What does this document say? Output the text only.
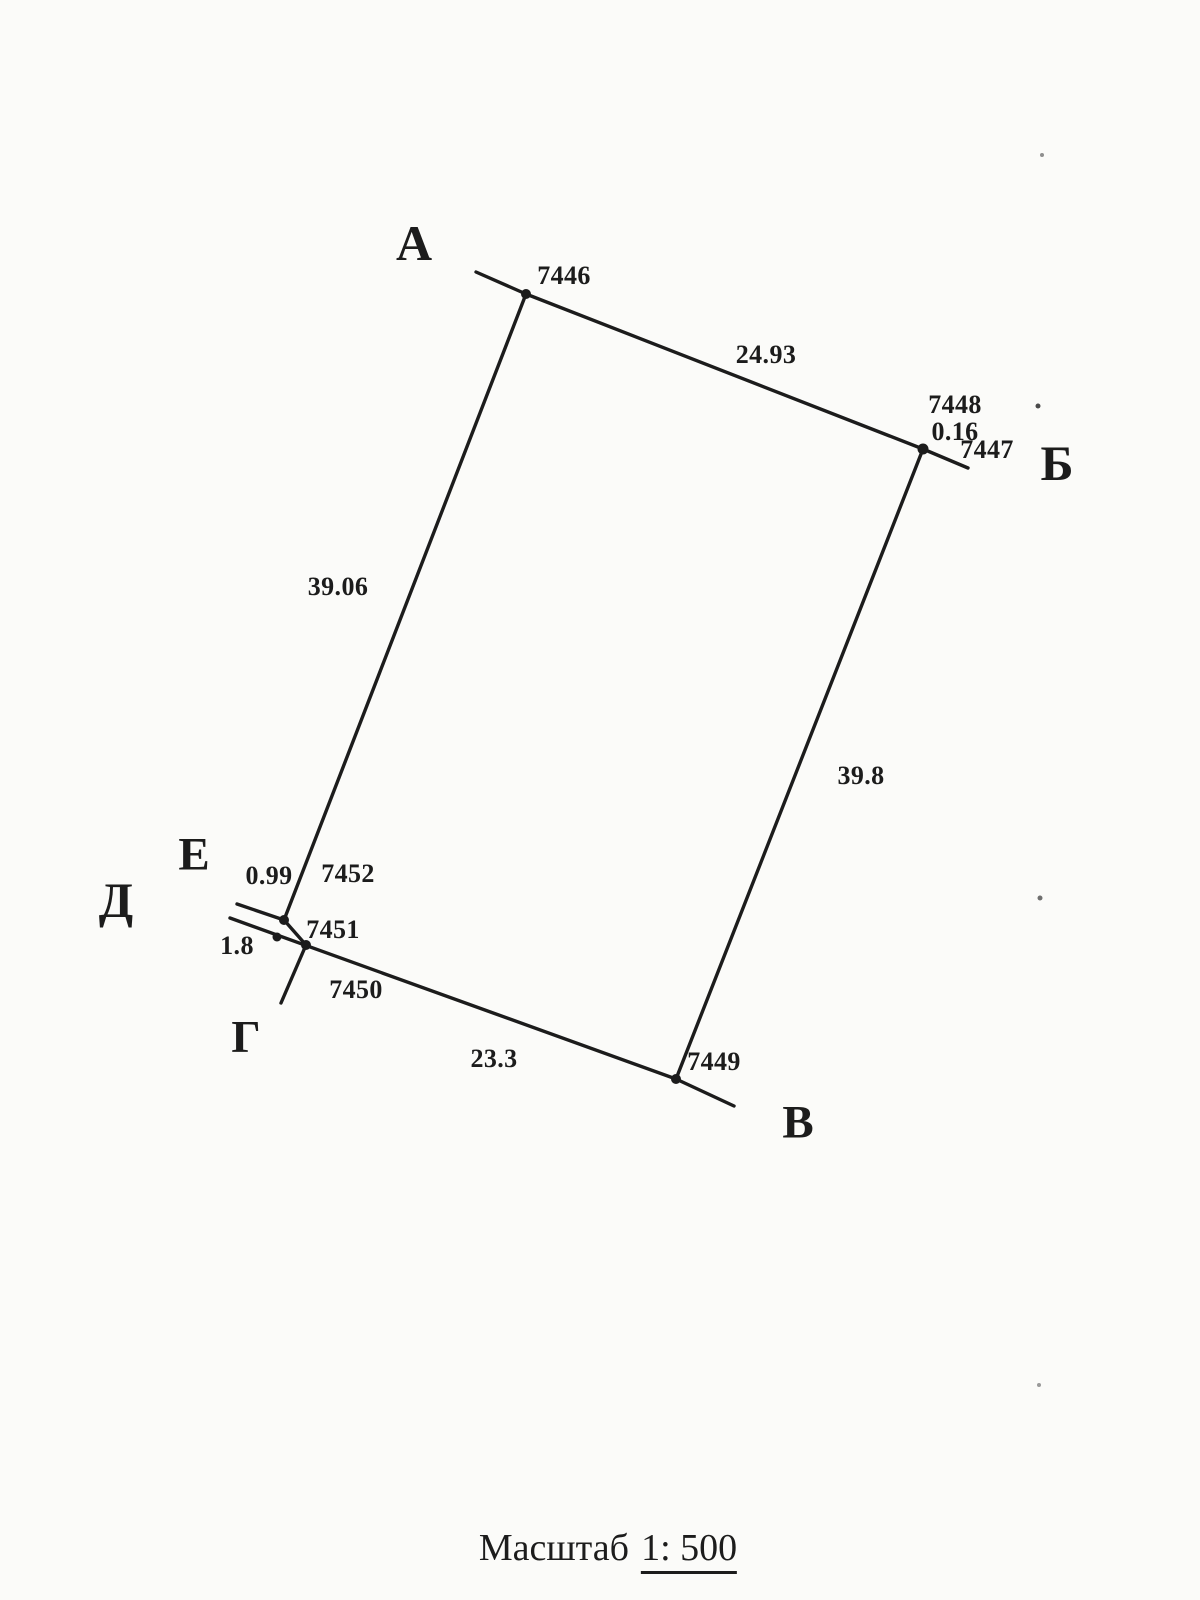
А
Б
В
Г
Д
Е
7446
7448
7447
7449
7450
7451
7452
24.93
0.16
39.8
23.3
39.06
0.99
1.8
Масштаб 1: 500
